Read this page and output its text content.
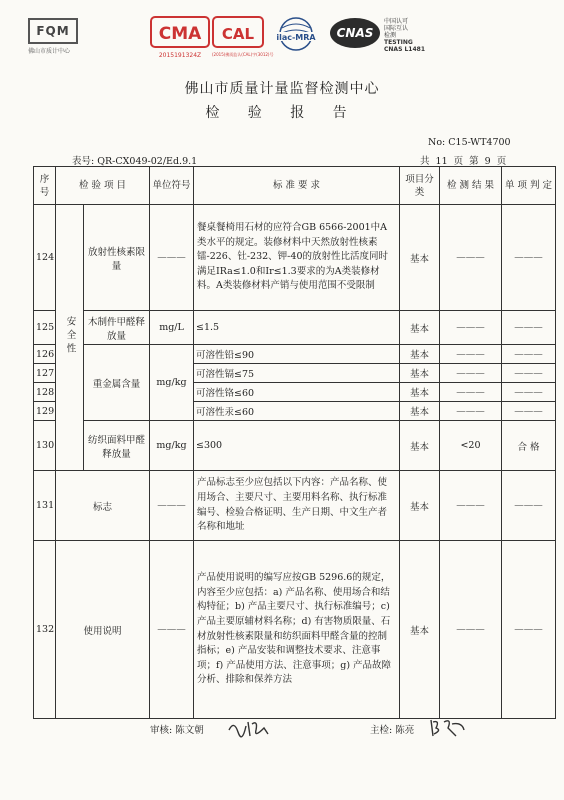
FQM
佛山市质计中心
CMA
2015191324Z
CAL
(2015)佛质监认(CAL)字(3012)号
ilac-MRA CNAS
中国认可
国际互认
检测
TESTING
CNAS L1481
佛山市质量计量监督检测中心
检 验 报 告
No: C15-WT4700
表号: QR-CX049-02/Ed.9.1	共 11 页 第 9 页
序号	检 验 项 目		单位符号	标 准 要 求	项目分类	检 测 结 果	单 项 判 定
124	安全性	放射性核素限量	———	餐桌餐椅用石材的应符合GB 6566-2001中A类水平的规定。装修材料中天然放射性核素镭-226、钍-232、钾-40的放射性比活度同时满足IRa≤1.0和Ir≤1.3要求的为A类装修材料。A类装修材料产销与使用范围不受限制	基本	———	———
125		木制件甲醛释放量	mg/L	≤1.5	基本	———	———
126		重金属含量	mg/kg	可溶性铅≤90	基本	———	———
127				可溶性镉≤75	基本	———	———
128				可溶性铬≤60	基本	———	———
129				可溶性汞≤60	基本	———	———
130		纺织面料甲醛释放量	mg/kg	≤300	基本	<20	合 格
131	标志		———	产品标志至少应包括以下内容：产品名称、使用场合、主要尺寸、主要用料名称、执行标准编号、检验合格证明、生产日期、中文生产者名称和地址	基本	———	———
132	使用说明		———	产品使用说明的编写应按GB 5296.6的规定，内容至少应包括：a) 产品名称、使用场合和结构特征；b) 产品主要尺寸、执行标准编号；c) 产品主要原辅材料名称；d) 有害物质限量、石材放射性核素限量和纺织面料甲醛含量的控制指标；e) 产品安装和调整技术要求、注意事项；f) 产品使用方法、注意事项；g) 产品故障分析、排除和保养方法	基本	———	———
审核: 陈文朝	主检: 陈亮
